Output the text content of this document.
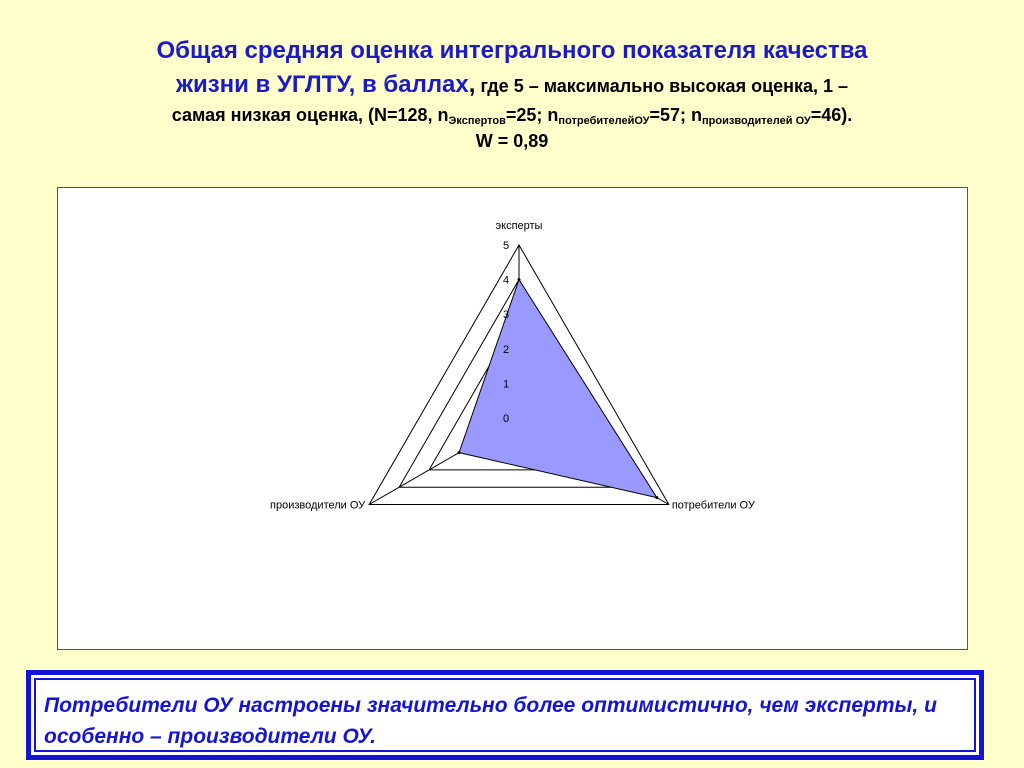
Общая средняя оценка интегрального показателя качества
жизни в УГЛТУ, в баллах, где 5 – максимально высокая оценка, 1 –
самая низкая оценка, (N=128, $n_{Экспертов}=25$; $n_{потребителейОУ}=57$; $n_{производителей ОУ}=46$).
W = 0,89
0
1
2
3
4
5
эксперты
потребители ОУ
производители ОУ
Потребители ОУ настроены значительно более оптимистично, чем эксперты, и особенно – производители ОУ.
